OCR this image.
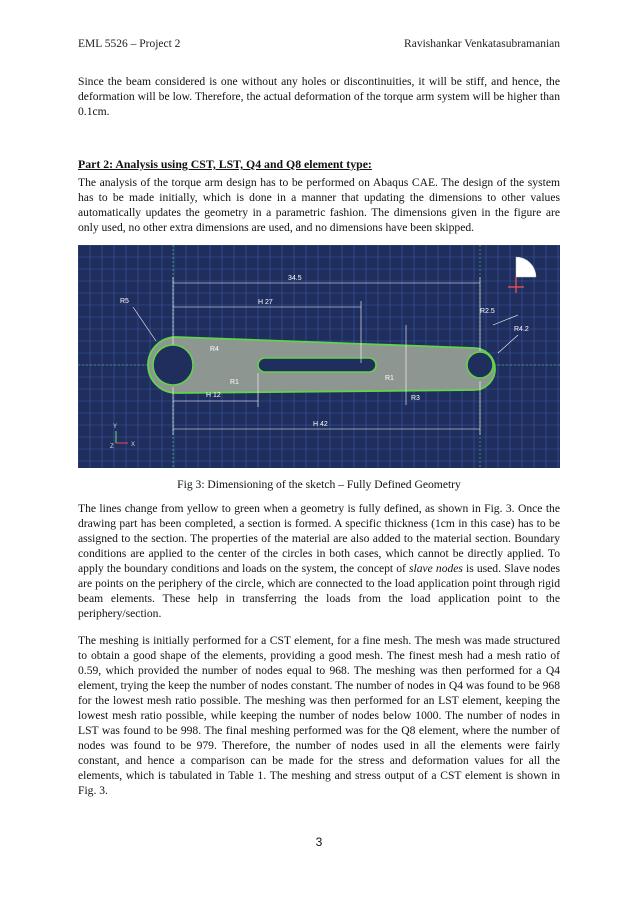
EML 5526 – Project 2	Ravishankar Venkatasubramanian

Since the beam considered is one without any holes or discontinuities, it will be stiff, and hence, the deformation will be low. Therefore, the actual deformation of the torque arm system will be higher than 0.1cm.

Part 2: Analysis using CST, LST, Q4 and Q8 element type:

The analysis of the torque arm design has to be performed on Abaqus CAE. The design of the system has to be made initially, which is done in a manner that updating the dimensions to other values automatically updates the geometry in a parametric fashion. The dimensions given in the figure are only used, no other extra dimensions are used, and no dimensions have been skipped.

34.5
H 27
R5
R4
R1
H 12
R2.5
R4.2
R1
R3
H 42
Y
X
Z

Fig 3: Dimensioning of the sketch – Fully Defined Geometry

The lines change from yellow to green when a geometry is fully defined, as shown in Fig. 3. Once the drawing part has been completed, a section is formed. A specific thickness (1cm in this case) has to be assigned to the section. The properties of the material are also added to the material section. Boundary conditions are applied to the center of the circles in both cases, which cannot be directly applied. To apply the boundary conditions and loads on the system, the concept of slave nodes is used. Slave nodes are points on the periphery of the circle, which are connected to the load application point through rigid beam elements. These help in transferring the loads from the load application point to the periphery/section.

The meshing is initially performed for a CST element, for a fine mesh. The mesh was made structured to obtain a good shape of the elements, providing a good mesh. The finest mesh had a mesh ratio of 0.59, which provided the number of nodes equal to 968. The meshing was then performed for a Q4 element, trying the keep the number of nodes constant. The number of nodes in Q4 was found to be 968 for the lowest mesh ratio possible. The meshing was then performed for an LST element, keeping the lowest mesh ratio possible, while keeping the number of nodes below 1000. The number of nodes in LST was found to be 998. The final meshing performed was for the Q8 element, where the number of nodes was found to be 979. Therefore, the number of nodes used in all the elements were fairly constant, and hence a comparison can be made for the stress and deformation values for all the elements, which is tabulated in Table 1. The meshing and stress output of a CST element is shown in Fig. 3.

3
